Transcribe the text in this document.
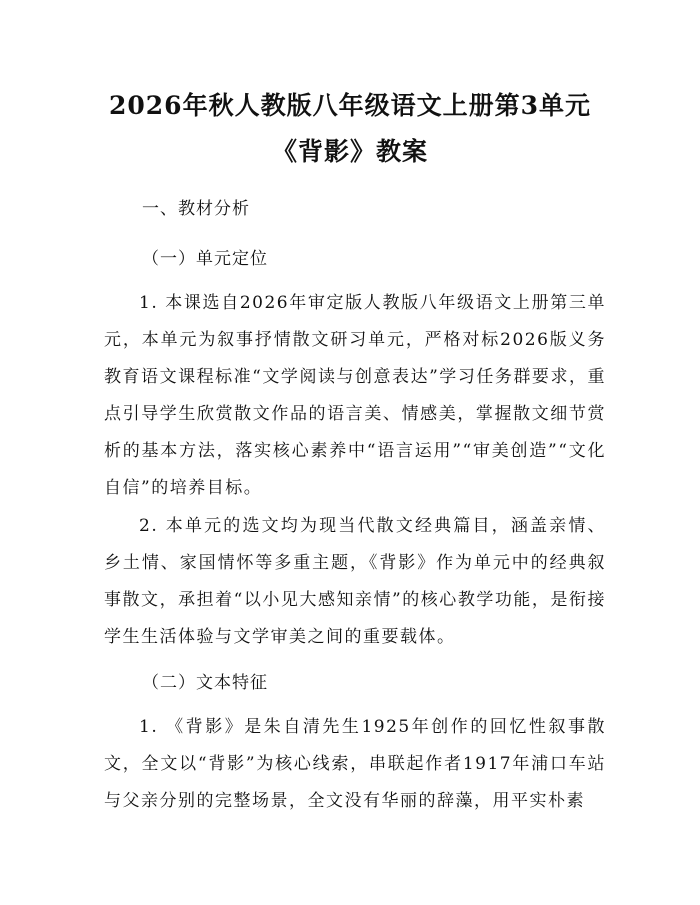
2026年秋人教版八年级语文上册第3单元
《背影》教案

一、教材分析

（一）单元定位

1. 本课选自2026年审定版人教版八年级语文上册第三单元，本单元为叙事抒情散文研习单元，严格对标2026版义务教育语文课程标准“文学阅读与创意表达”学习任务群要求，重点引导学生欣赏散文作品的语言美、情感美，掌握散文细节赏析的基本方法，落实核心素养中“语言运用”“审美创造”“文化自信”的培养目标。

2. 本单元的选文均为现当代散文经典篇目，涵盖亲情、乡土情、家国情怀等多重主题，《背影》作为单元中的经典叙事散文，承担着“以小见大感知亲情”的核心教学功能，是衔接学生生活体验与文学审美之间的重要载体。

（二）文本特征

1. 《背影》是朱自清先生1925年创作的回忆性叙事散文，全文以“背影”为核心线索，串联起作者1917年浦口车站与父亲分别的完整场景，全文没有华丽的辞藻，用平实朴素
